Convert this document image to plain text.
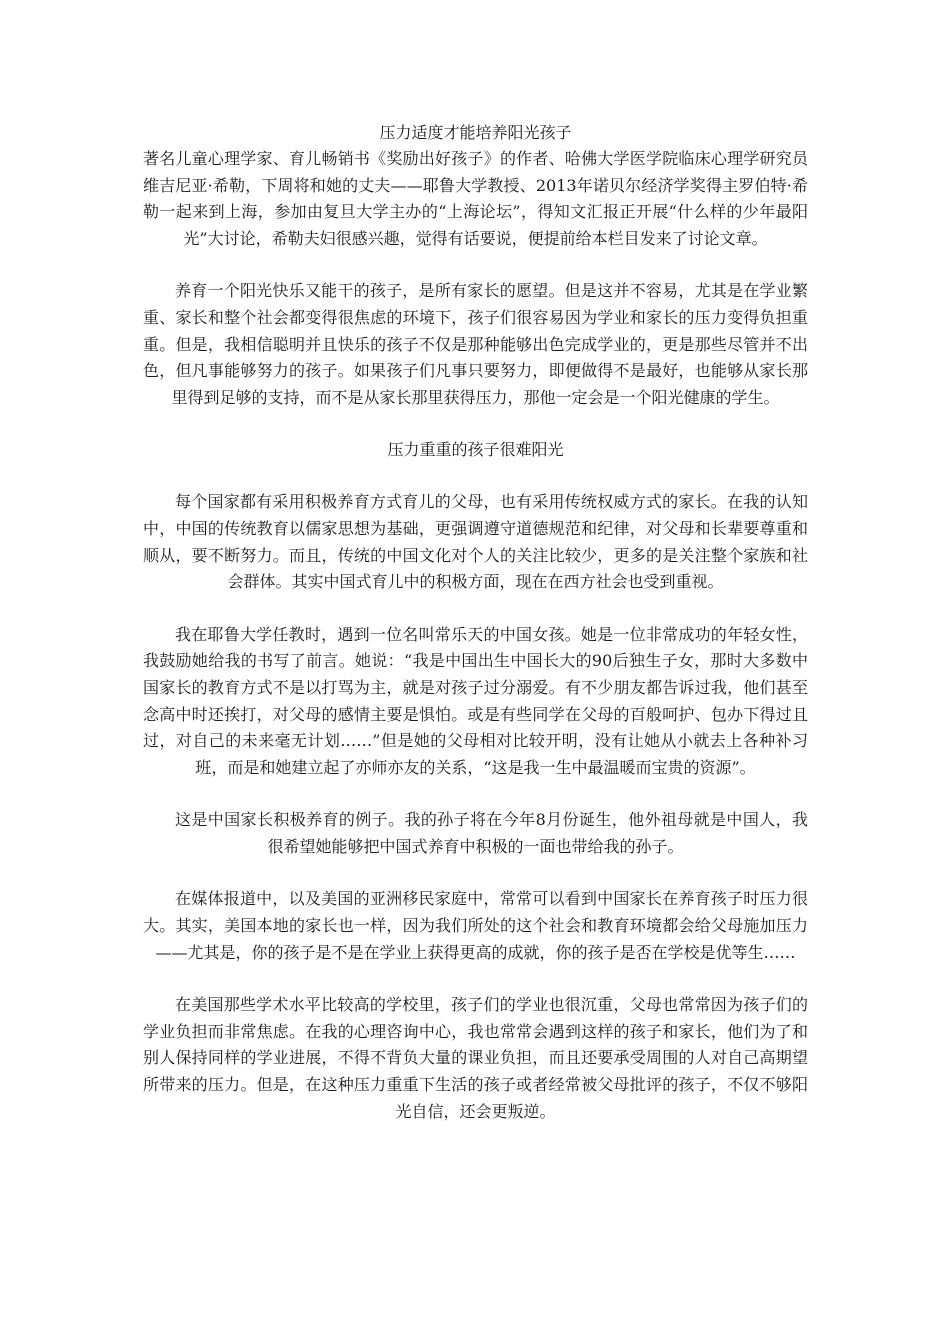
压力适度才能培养阳光孩子

著名儿童心理学家、育儿畅销书《奖励出好孩子》的作者、哈佛大学医学院临床心理学研究员维吉尼亚·希勒，下周将和她的丈夫——耶鲁大学教授、2013年诺贝尔经济学奖得主罗伯特·希勒一起来到上海，参加由复旦大学主办的“上海论坛”，得知文汇报正开展“什么样的少年最阳光”大讨论，希勒夫妇很感兴趣，觉得有话要说，便提前给本栏目发来了讨论文章。

养育一个阳光快乐又能干的孩子，是所有家长的愿望。但是这并不容易，尤其是在学业繁重、家长和整个社会都变得很焦虑的环境下，孩子们很容易因为学业和家长的压力变得负担重重。但是，我相信聪明并且快乐的孩子不仅是那种能够出色完成学业的，更是那些尽管并不出色，但凡事能够努力的孩子。如果孩子们凡事只要努力，即便做得不是最好，也能够从家长那里得到足够的支持，而不是从家长那里获得压力，那他一定会是一个阳光健康的学生。

压力重重的孩子很难阳光

每个国家都有采用积极养育方式育儿的父母，也有采用传统权威方式的家长。在我的认知中，中国的传统教育以儒家思想为基础，更强调遵守道德规范和纪律，对父母和长辈要尊重和顺从，要不断努力。而且，传统的中国文化对个人的关注比较少，更多的是关注整个家族和社会群体。其实中国式育儿中的积极方面，现在在西方社会也受到重视。

我在耶鲁大学任教时，遇到一位名叫常乐天的中国女孩。她是一位非常成功的年轻女性，我鼓励她给我的书写了前言。她说：“我是中国出生中国长大的90后独生子女，那时大多数中国家长的教育方式不是以打骂为主，就是对孩子过分溺爱。有不少朋友都告诉过我，他们甚至念高中时还挨打，对父母的感情主要是惧怕。或是有些同学在父母的百般呵护、包办下得过且过，对自己的未来毫无计划……”但是她的父母相对比较开明，没有让她从小就去上各种补习班，而是和她建立起了亦师亦友的关系，“这是我一生中最温暖而宝贵的资源”。

这是中国家长积极养育的例子。我的孙子将在今年8月份诞生，他外祖母就是中国人，我很希望她能够把中国式养育中积极的一面也带给我的孙子。

在媒体报道中，以及美国的亚洲移民家庭中，常常可以看到中国家长在养育孩子时压力很大。其实，美国本地的家长也一样，因为我们所处的这个社会和教育环境都会给父母施加压力——尤其是，你的孩子是不是在学业上获得更高的成就，你的孩子是否在学校是优等生……

在美国那些学术水平比较高的学校里，孩子们的学业也很沉重，父母也常常因为孩子们的学业负担而非常焦虑。在我的心理咨询中心，我也常常会遇到这样的孩子和家长，他们为了和别人保持同样的学业进展，不得不背负大量的课业负担，而且还要承受周围的人对自己高期望所带来的压力。但是，在这种压力重重下生活的孩子或者经常被父母批评的孩子，不仅不够阳光自信，还会更叛逆。
